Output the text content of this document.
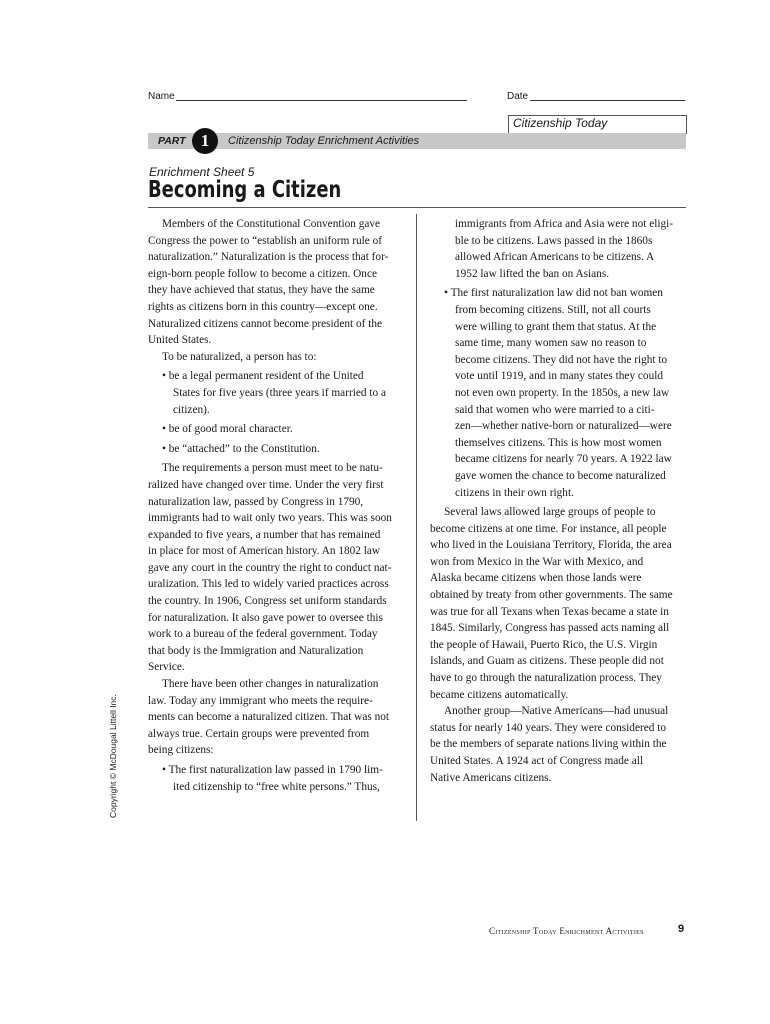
Name	Date
Citizenship Today
PART 1	Citizenship Today Enrichment Activities
Enrichment Sheet 5
Becoming a Citizen
Members of the Constitutional Convention gave
Congress the power to “establish an uniform rule of
naturalization.” Naturalization is the process that for-
eign-born people follow to become a citizen. Once
they have achieved that status, they have the same
rights as citizens born in this country—except one.
Naturalized citizens cannot become president of the
United States.
To be naturalized, a person has to:
• be a legal permanent resident of the United
States for five years (three years if married to a
citizen).
• be of good moral character.
• be “attached” to the Constitution.
The requirements a person must meet to be natu-
ralized have changed over time. Under the very first
naturalization law, passed by Congress in 1790,
immigrants had to wait only two years. This was soon
expanded to five years, a number that has remained
in place for most of American history. An 1802 law
gave any court in the country the right to conduct nat-
uralization. This led to widely varied practices across
the country. In 1906, Congress set uniform standards
for naturalization. It also gave power to oversee this
work to a bureau of the federal government. Today
that body is the Immigration and Naturalization
Service.
There have been other changes in naturalization
law. Today any immigrant who meets the require-
ments can become a naturalized citizen. That was not
always true. Certain groups were prevented from
being citizens:
• The first naturalization law passed in 1790 lim-
ited citizenship to “free white persons.” Thus,
immigrants from Africa and Asia were not eligi-
ble to be citizens. Laws passed in the 1860s
allowed African Americans to be citizens. A
1952 law lifted the ban on Asians.
• The first naturalization law did not ban women
from becoming citizens. Still, not all courts
were willing to grant them that status. At the
same time, many women saw no reason to
become citizens. They did not have the right to
vote until 1919, and in many states they could
not even own property. In the 1850s, a new law
said that women who were married to a citi-
zen—whether native-born or naturalized—were
themselves citizens. This is how most women
became citizens for nearly 70 years. A 1922 law
gave women the chance to become naturalized
citizens in their own right.
Several laws allowed large groups of people to
become citizens at one time. For instance, all people
who lived in the Louisiana Territory, Florida, the area
won from Mexico in the War with Mexico, and
Alaska became citizens when those lands were
obtained by treaty from other governments. The same
was true for all Texans when Texas became a state in
1845. Similarly, Congress has passed acts naming all
the people of Hawaii, Puerto Rico, the U.S. Virgin
Islands, and Guam as citizens. These people did not
have to go through the naturalization process. They
became citizens automatically.
Another group—Native Americans—had unusual
status for nearly 140 years. They were considered to
be the members of separate nations living within the
United States. A 1924 act of Congress made all
Native Americans citizens.
Copyright © McDougal Littell Inc.
Citizenship Today Enrichment Activities	9
